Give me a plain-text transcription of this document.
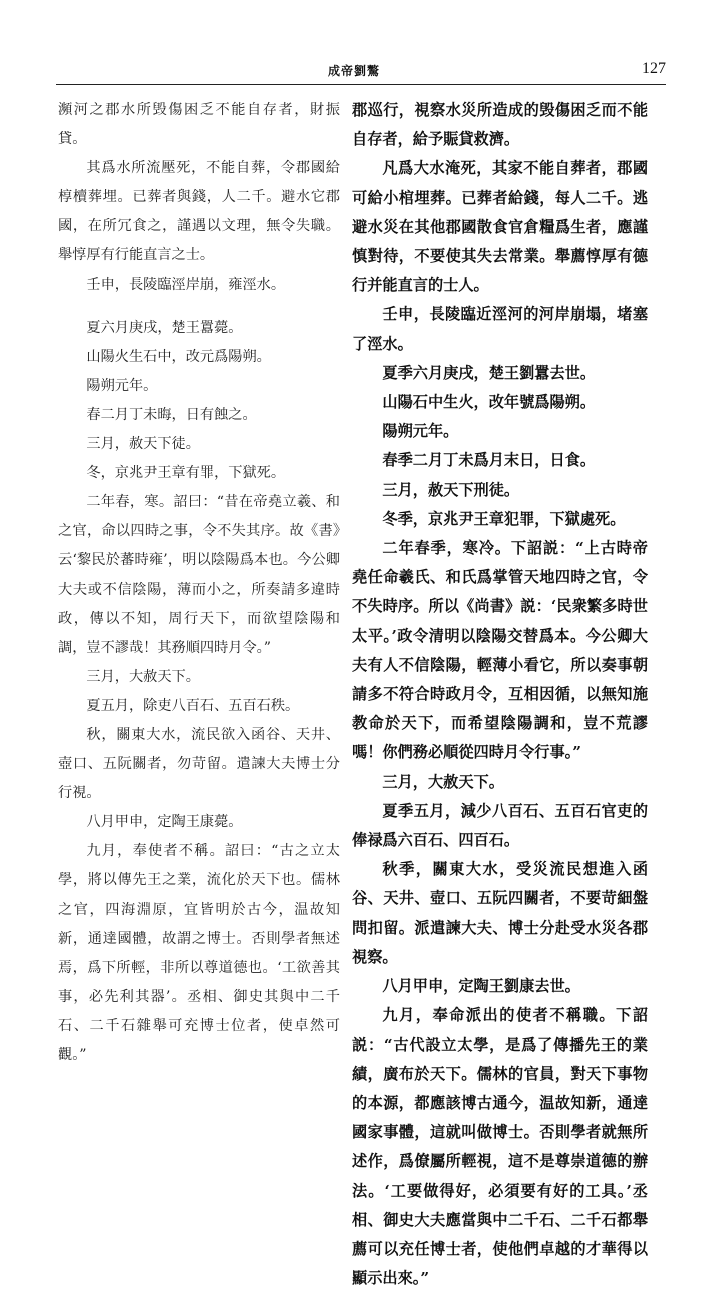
成帝劉驁	127

瀕河之郡水所毁傷困乏不能自存者，財振貸。

其爲水所流壓死，不能自葬，令郡國給椁櫝葬埋。已葬者與錢，人二千。避水它郡國，在所冗食之，謹遇以文理，無令失職。舉惇厚有行能直言之士。

壬申，長陵臨涇岸崩，雍涇水。

夏六月庚戌，楚王囂薨。

山陽火生石中，改元爲陽朔。

陽朔元年。

春二月丁未晦，日有蝕之。

三月，赦天下徒。

冬，京兆尹王章有罪，下獄死。

二年春，寒。詔曰：“昔在帝堯立羲、和之官，命以四時之事，令不失其序。故《書》云‘黎民於蕃時雍’，明以陰陽爲本也。今公卿大夫或不信陰陽，薄而小之，所奏請多違時政，傳以不知，周行天下，而欲望陰陽和調，豈不謬哉！其務順四時月令。”

三月，大赦天下。

夏五月，除吏八百石、五百石秩。

秋，關東大水，流民欲入函谷、天井、壺口、五阮關者，勿苛留。遣諫大夫博士分行視。

八月甲申，定陶王康薨。

九月，奉使者不稱。詔曰：“古之立太學，將以傳先王之業，流化於天下也。儒林之官，四海淵原，宜皆明於古今，温故知新，通達國體，故謂之博士。否則學者無述焉，爲下所輕，非所以尊道德也。‘工欲善其事，必先利其器’。丞相、御史其與中二千石、二千石雜舉可充博士位者，使卓然可觀。”

郡巡行，視察水災所造成的毁傷困乏而不能自存者，給予賑貸救濟。

凡爲大水淹死，其家不能自葬者，郡國可給小棺埋葬。已葬者給錢，每人二千。逃避水災在其他郡國散食官倉糧爲生者，應謹慎對待，不要使其失去常業。舉薦惇厚有德行并能直言的士人。

壬申，長陵臨近涇河的河岸崩塌，堵塞了涇水。

夏季六月庚戌，楚王劉囂去世。

山陽石中生火，改年號爲陽朔。

陽朔元年。

春季二月丁未爲月末日，日食。

三月，赦天下刑徒。

冬季，京兆尹王章犯罪，下獄處死。

二年春季，寒冷。下詔説：“上古時帝堯任命羲氏、和氏爲掌管天地四時之官，令不失時序。所以《尚書》説：‘民衆繁多時世太平。’政令清明以陰陽交替爲本。今公卿大夫有人不信陰陽，輕薄小看它，所以奏事朝請多不符合時政月令，互相因循，以無知施教命於天下，而希望陰陽調和，豈不荒謬嗎！你們務必順從四時月令行事。”

三月，大赦天下。

夏季五月，減少八百石、五百石官吏的俸禄爲六百石、四百石。

秋季，關東大水，受災流民想進入函谷、天井、壺口、五阮四關者，不要苛細盤問扣留。派遣諫大夫、博士分赴受水災各郡視察。

八月甲申，定陶王劉康去世。

九月，奉命派出的使者不稱職。下詔説：“古代設立太學，是爲了傳播先王的業績，廣布於天下。儒林的官員，對天下事物的本源，都應該博古通今，温故知新，通達國家事體，這就叫做博士。否則學者就無所述作，爲僚屬所輕視，這不是尊崇道德的辦法。‘工要做得好，必須要有好的工具。’丞相、御史大夫應當與中二千石、二千石都舉薦可以充任博士者，使他們卓越的才華得以顯示出來。”
